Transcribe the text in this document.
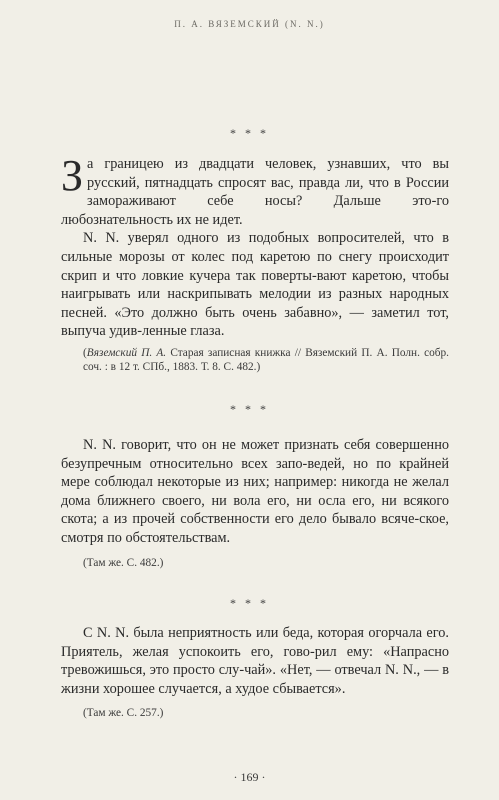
П. А. ВЯЗЕМСКИЙ (N. N.)
* * *

За границею из двадцати человек, узнавших, что вы русский, пятнадцать спросят вас, правда ли, что в России замораживают себе носы? Дальше это-го любознательность их не идет.

N. N. уверял одного из подобных вопросителей, что в сильные морозы от колес под каретою по снегу происходит скрип и что ловкие кучера так поверты-вают каретою, чтобы наигрывать или наскрипывать мелодии из разных народных песней. «Это должно быть очень забавно», — заметил тот, выпуча удив-ленные глаза.

(Вяземский П. А. Старая записная книжка // Вяземский П. А. Полн. собр. соч. : в 12 т. СПб., 1883. Т. 8. С. 482.)

* * *

N. N. говорит, что он не может признать себя совершенно безупречным относительно всех запо-ведей, но по крайней мере соблюдал некоторые из них; например: никогда не желал дома ближнего своего, ни вола его, ни осла его, ни всякого скота; а из прочей собственности его дело бывало всяче-ское, смотря по обстоятельствам.

(Там же. С. 482.)

* * *

С N. N. была неприятность или беда, которая огорчала его. Приятель, желая успокоить его, гово-рил ему: «Напрасно тревожишься, это просто слу-чай». «Нет, — отвечал N. N., — в жизни хорошее случается, а худое сбывается».

(Там же. С. 257.)

· 169 ·
